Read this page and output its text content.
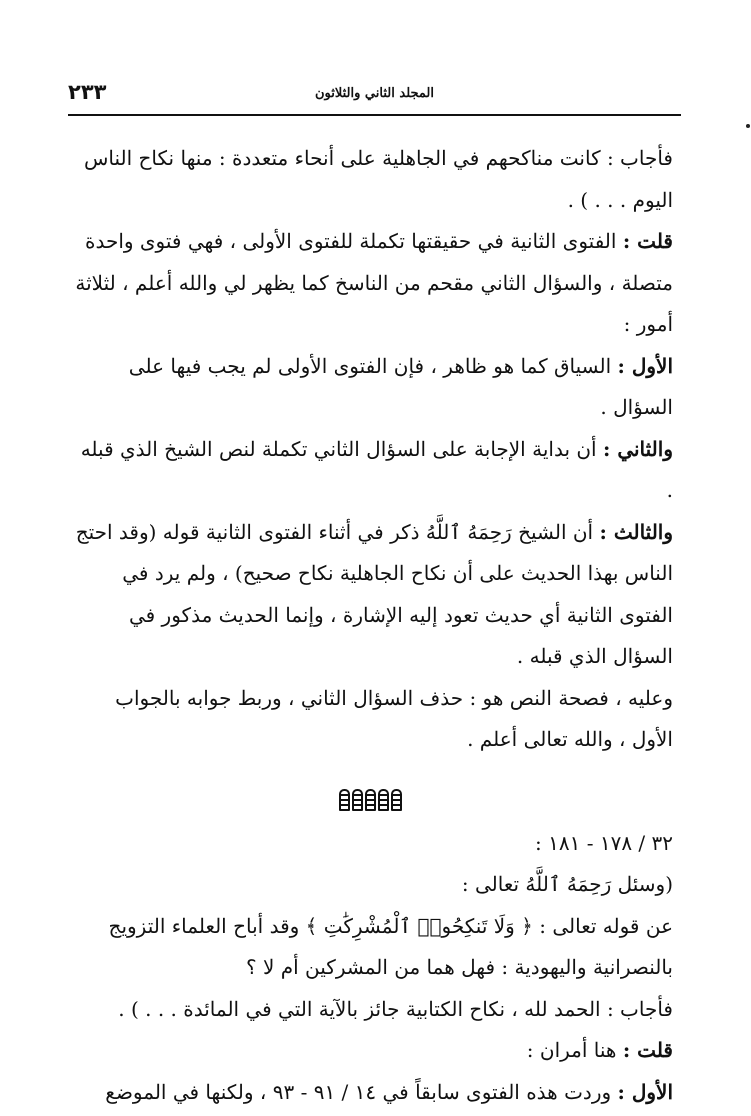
٢٣٣	المجلد الثاني والثلاثون

فأجاب : كانت مناكحهم في الجاهلية على أنحاء متعددة : منها نكاح الناس اليوم . . . ) .

قلت : الفتوى الثانية في حقيقتها تكملة للفتوى الأولى ، فهي فتوى واحدة متصلة ، والسؤال الثاني مقحم من الناسخ كما يظهر لي والله أعلم ، لثلاثة أمور :

الأول : السياق كما هو ظاهر ، فإن الفتوى الأولى لم يجب فيها على السؤال .

والثاني : أن بداية الإجابة على السؤال الثاني تكملة لنص الشيخ الذي قبله .

والثالث : أن الشيخ رَحِمَهُ ٱللَّهُ ذكر في أثناء الفتوى الثانية قوله (وقد احتج الناس بهذا الحديث على أن نكاح الجاهلية نكاح صحيح) ، ولم يرد في الفتوى الثانية أي حديث تعود إليه الإشارة ، وإنما الحديث مذكور في السؤال الذي قبله .

وعليه ، فصحة النص هو : حذف السؤال الثاني ، وربط جوابه بالجواب الأول ، والله تعالى أعلم .

٣٢ / ١٧٨ - ١٨١ :

(وسئل رَحِمَهُ ٱللَّهُ تعالى :

عن قوله تعالى : ﴿ وَلَا تَنكِحُوا۟ ٱلْمُشْرِكَٰتِ ﴾ وقد أباح العلماء التزويج بالنصرانية واليهودية : فهل هما من المشركين أم لا ؟

فأجاب : الحمد لله ، نكاح الكتابية جائز بالآية التي في المائدة . . . ) .

قلت : هنا أمران :

الأول : وردت هذه الفتوى سابقاً في ١٤ / ٩١ - ٩٣ ، ولكنها في الموضع
